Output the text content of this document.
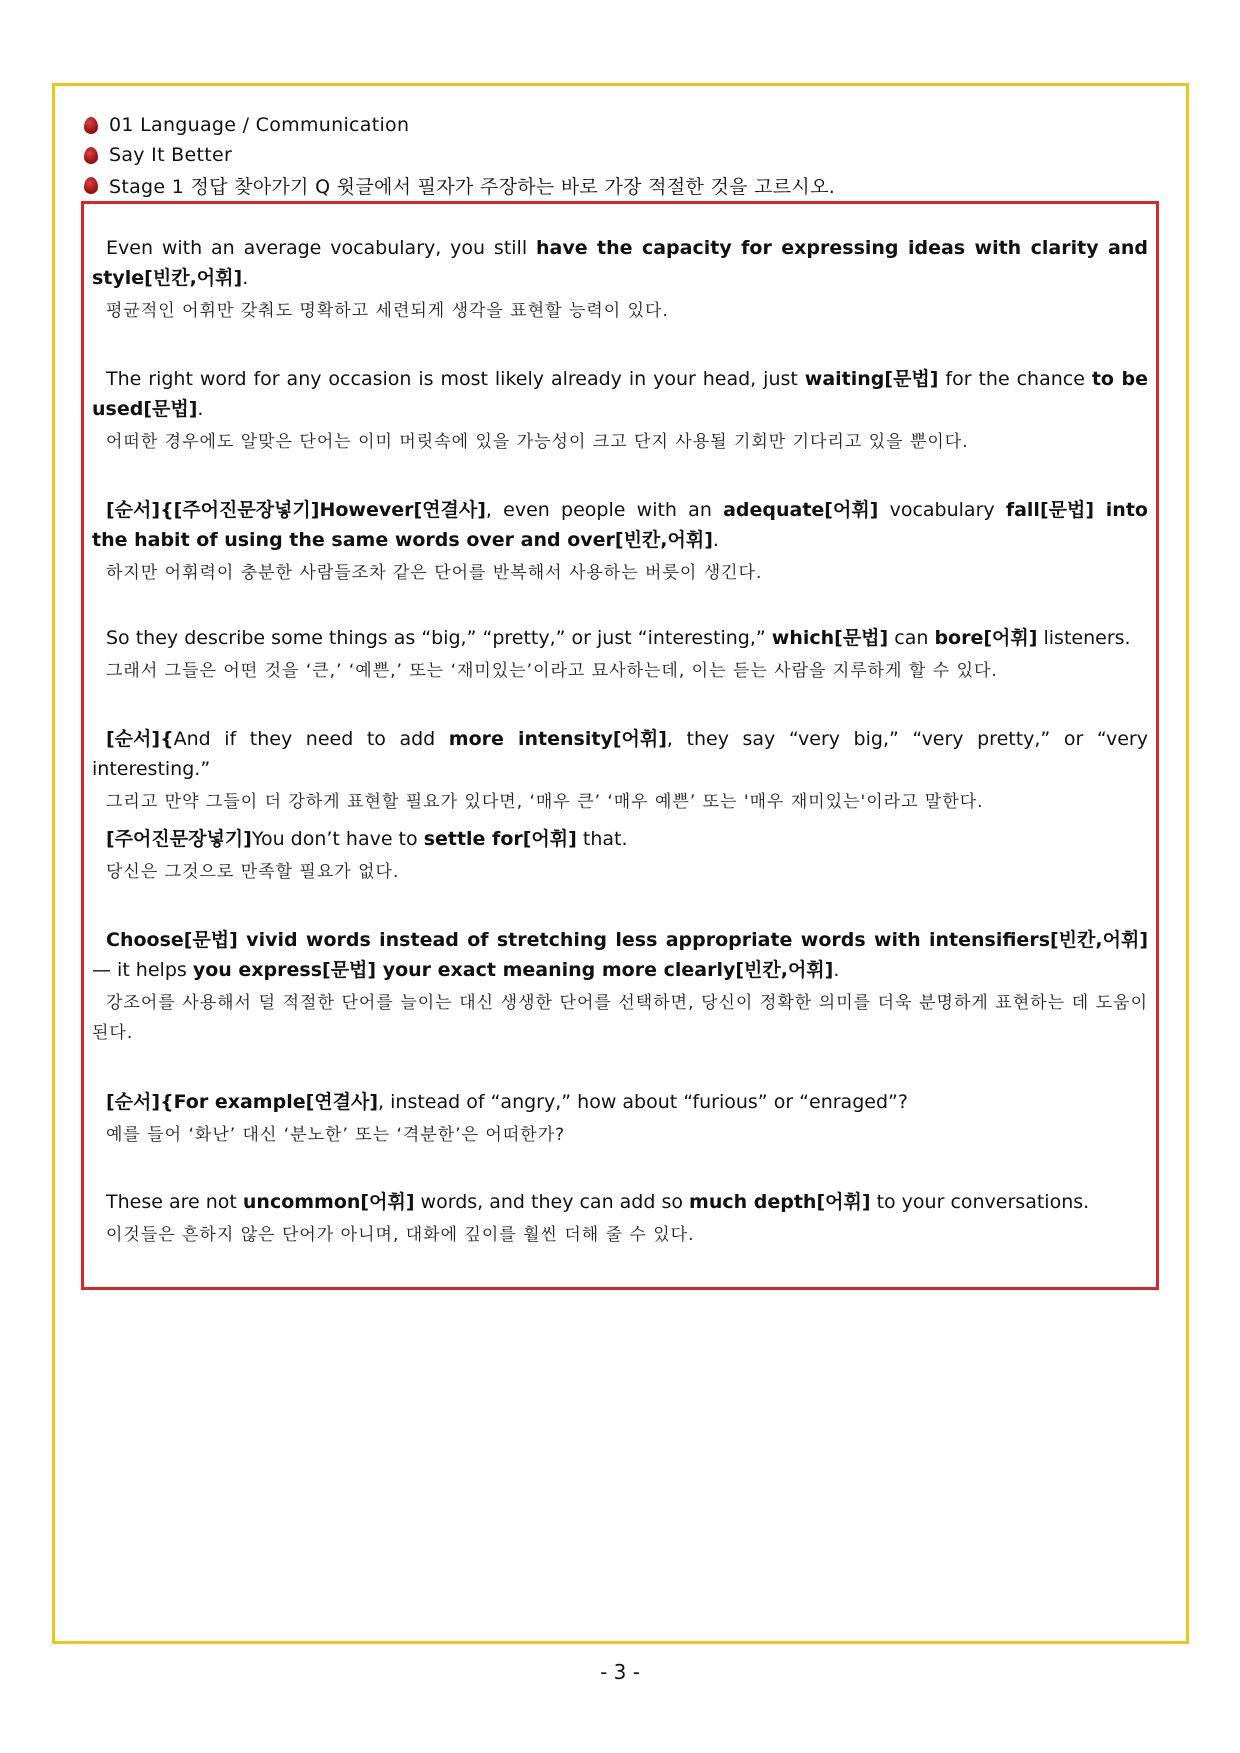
01 Language / Communication
Say It Better
Stage 1 정답 찾아가기 Q 윗글에서 필자가 주장하는 바로 가장 적절한 것을 고르시오.

Even with an average vocabulary, you still have the capacity for expressing ideas with clarity and style[빈칸,어휘].

평균적인 어휘만 갖춰도 명확하고 세련되게 생각을 표현할 능력이 있다.

The right word for any occasion is most likely already in your head, just waiting[문법] for the chance to be used[문법].

어떠한 경우에도 알맞은 단어는 이미 머릿속에 있을 가능성이 크고 단지 사용될 기회만 기다리고 있을 뿐이다.

[순서]{[주어진문장넣기]However[연결사], even people with an adequate[어휘] vocabulary fall[문법] into the habit of using the same words over and over[빈칸,어휘].

하지만 어휘력이 충분한 사람들조차 같은 단어를 반복해서 사용하는 버릇이 생긴다.

So they describe some things as “big,” “pretty,” or just “interesting,” which[문법] can bore[어휘] listeners.

그래서 그들은 어떤 것을 ‘큰,’ ‘예쁜,’ 또는 ‘재미있는’이라고 묘사하는데, 이는 듣는 사람을 지루하게 할 수 있다.

[순서]{And if they need to add more intensity[어휘], they say “very big,” “very pretty,” or “very interesting.”

그리고 만약 그들이 더 강하게 표현할 필요가 있다면, ‘매우 큰’ ‘매우 예쁜’ 또는 '매우 재미있는'이라고 말한다.

[주어진문장넣기]You don’t have to settle for[어휘] that.

당신은 그것으로 만족할 필요가 없다.

Choose[문법] vivid words instead of stretching less appropriate words with intensifiers[빈칸,어휘] — it helps you express[문법] your exact meaning more clearly[빈칸,어휘].

강조어를 사용해서 덜 적절한 단어를 늘이는 대신 생생한 단어를 선택하면, 당신이 정확한 의미를 더욱 분명하게 표현하는 데 도움이 된다.

[순서]{For example[연결사], instead of “angry,” how about “furious” or “enraged”?

예를 들어 ‘화난’ 대신 ‘분노한’ 또는 ‘격분한’은 어떠한가?

These are not uncommon[어휘] words, and they can add so much depth[어휘] to your conversations.

이것들은 흔하지 않은 단어가 아니며, 대화에 깊이를 훨씬 더해 줄 수 있다.

- 3 -
